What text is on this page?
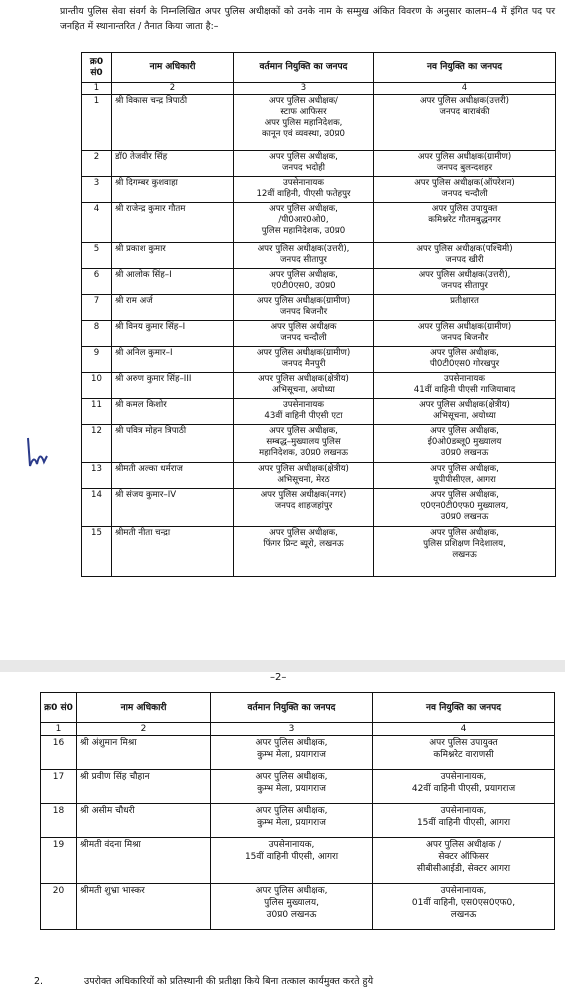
प्रान्तीय पुलिस सेवा संवर्ग के निम्नलिखित अपर पुलिस अधीक्षकों को उनके नाम के सम्मुख अंकित विवरण के अनुसार कालम–4 में इंगित पद पर जनहित में स्थानान्तरित / तैनात किया जाता है:–
क्र0 सं0	नाम अधिकारी	वर्तमान नियुक्ति का जनपद	नव नियुक्ति का जनपद
1	2	3	4
1	श्री विकास चन्द्र त्रिपाठी	अपर पुलिस अधीक्षक/
स्टाफ आफिसर
अपर पुलिस महानिदेशक,
कानून एवं व्यवस्था, उ0प्र0	अपर पुलिस अधीक्षक(उत्तरी)
जनपद बाराबंकी
2	डॉ0 तेजवीर सिंह	अपर पुलिस अधीक्षक,
जनपद भदोही	अपर पुलिस अधीक्षक(ग्रामीण)
जनपद बुलन्दशहर
3	श्री दिगम्बर कुशवाहा	उपसेनानायक
12वीं वाहिनी, पीएसी फतेहपुर	अपर पुलिस अधीक्षक(ऑपरेशन)
जनपद चन्दौली
4	श्री राजेन्द्र कुमार गौतम	अपर पुलिस अधीक्षक,
/पी0आर0ओ0,
पुलिस महानिदेशक, उ0प्र0	अपर पुलिस उपायुक्त
कमिश्नरेट गौतमबुद्धनगर
5	श्री प्रकाश कुमार	अपर पुलिस अधीक्षक(उत्तरी),
जनपद सीतापुर	अपर पुलिस अधीक्षक(पश्चिमी)
जनपद खीरी
6	श्री आलोक सिंह–I	अपर पुलिस अधीक्षक,
ए0टी0एस0, उ0प्र0	अपर पुलिस अधीक्षक(उत्तरी),
जनपद सीतापुर
7	श्री राम अर्ज	अपर पुलिस अधीक्षक(ग्रामीण)
जनपद बिजनौर	प्रतीक्षारत
8	श्री विनय कुमार सिंह–I	अपर पुलिस अधीक्षक
जनपद चन्दौली	अपर पुलिस अधीक्षक(ग्रामीण)
जनपद बिजनौर
9	श्री अनिल कुमार–I	अपर पुलिस अधीक्षक(ग्रामीण)
जनपद मैनपुरी	अपर पुलिस अधीक्षक,
पी0टी0एस0 गोरखपुर
10	श्री अरुण कुमार सिंह–III	अपर पुलिस अधीक्षक(क्षेत्रीय)
अभिसूचना, अयोध्या	उपसेनानायक
41वीं वाहिनी पीएसी गाजियाबाद
11	श्री कमल किशोर	उपसेनानायक
43वीं वाहिनी पीएसी एटा	अपर पुलिस अधीक्षक(क्षेत्रीय)
अभिसूचना, अयोध्या
12	श्री पवित्र मोहन त्रिपाठी	अपर पुलिस अधीक्षक,
सम्बद्ध–मुख्यालय पुलिस
महानिदेशक, उ0प्र0 लखनऊ	अपर पुलिस अधीक्षक,
ई0ओ0डब्लू0 मुख्यालय
उ0प्र0 लखनऊ
13	श्रीमती अल्का धर्मराज	अपर पुलिस अधीक्षक(क्षेत्रीय)
अभिसूचना, मेरठ	अपर पुलिस अधीक्षक,
यूपीपीसीएल, आगरा
14	श्री संजय कुमार–IV	अपर पुलिस अधीक्षक(नगर)
जनपद शाहजहांपुर	अपर पुलिस अधीक्षक,
ए0एन0टी0एफ0 मुख्यालय,
उ0प्र0 लखनऊ
15	श्रीमती नीता चन्द्रा	अपर पुलिस अधीक्षक,
फिंगर प्रिन्ट ब्यूरो, लखनऊ	अपर पुलिस अधीक्षक,
पुलिस प्रशिक्षण निदेशालय,
लखनऊ
–2–
क्र0 सं0	नाम अधिकारी	वर्तमान नियुक्ति का जनपद	नव नियुक्ति का जनपद
1	2	3	4
16	श्री अंशुमान मिश्रा	अपर पुलिस अधीक्षक,
कुम्भ मेला, प्रयागराज	अपर पुलिस उपायुक्त
कमिश्नरेट वाराणसी
17	श्री प्रवीण सिंह चौहान	अपर पुलिस अधीक्षक,
कुम्भ मेला, प्रयागराज	उपसेनानायक,
42वीं वाहिनी पीएसी, प्रयागराज
18	श्री असीम चौधरी	अपर पुलिस अधीक्षक,
कुम्भ मेला, प्रयागराज	उपसेनानायक,
15वीं वाहिनी पीएसी, आगरा
19	श्रीमती वंदना मिश्रा	उपसेनानायक,
15वीं वाहिनी पीएसी, आगरा	अपर पुलिस अधीक्षक /
सेक्टर ऑफिसर
सीबीसीआईडी, सेक्टर आगरा
20	श्रीमती शुभ्रा भास्कर	अपर पुलिस अधीक्षक,
पुलिस मुख्यालय,
उ0प्र0 लखनऊ	उपसेनानायक,
01वीं वाहिनी, एस0एस0एफ0,
लखनऊ
2.	उपरोक्त अधिकारियों को प्रतिस्थानी की प्रतीक्षा किये बिना तत्काल कार्यमुक्त करते हुये
